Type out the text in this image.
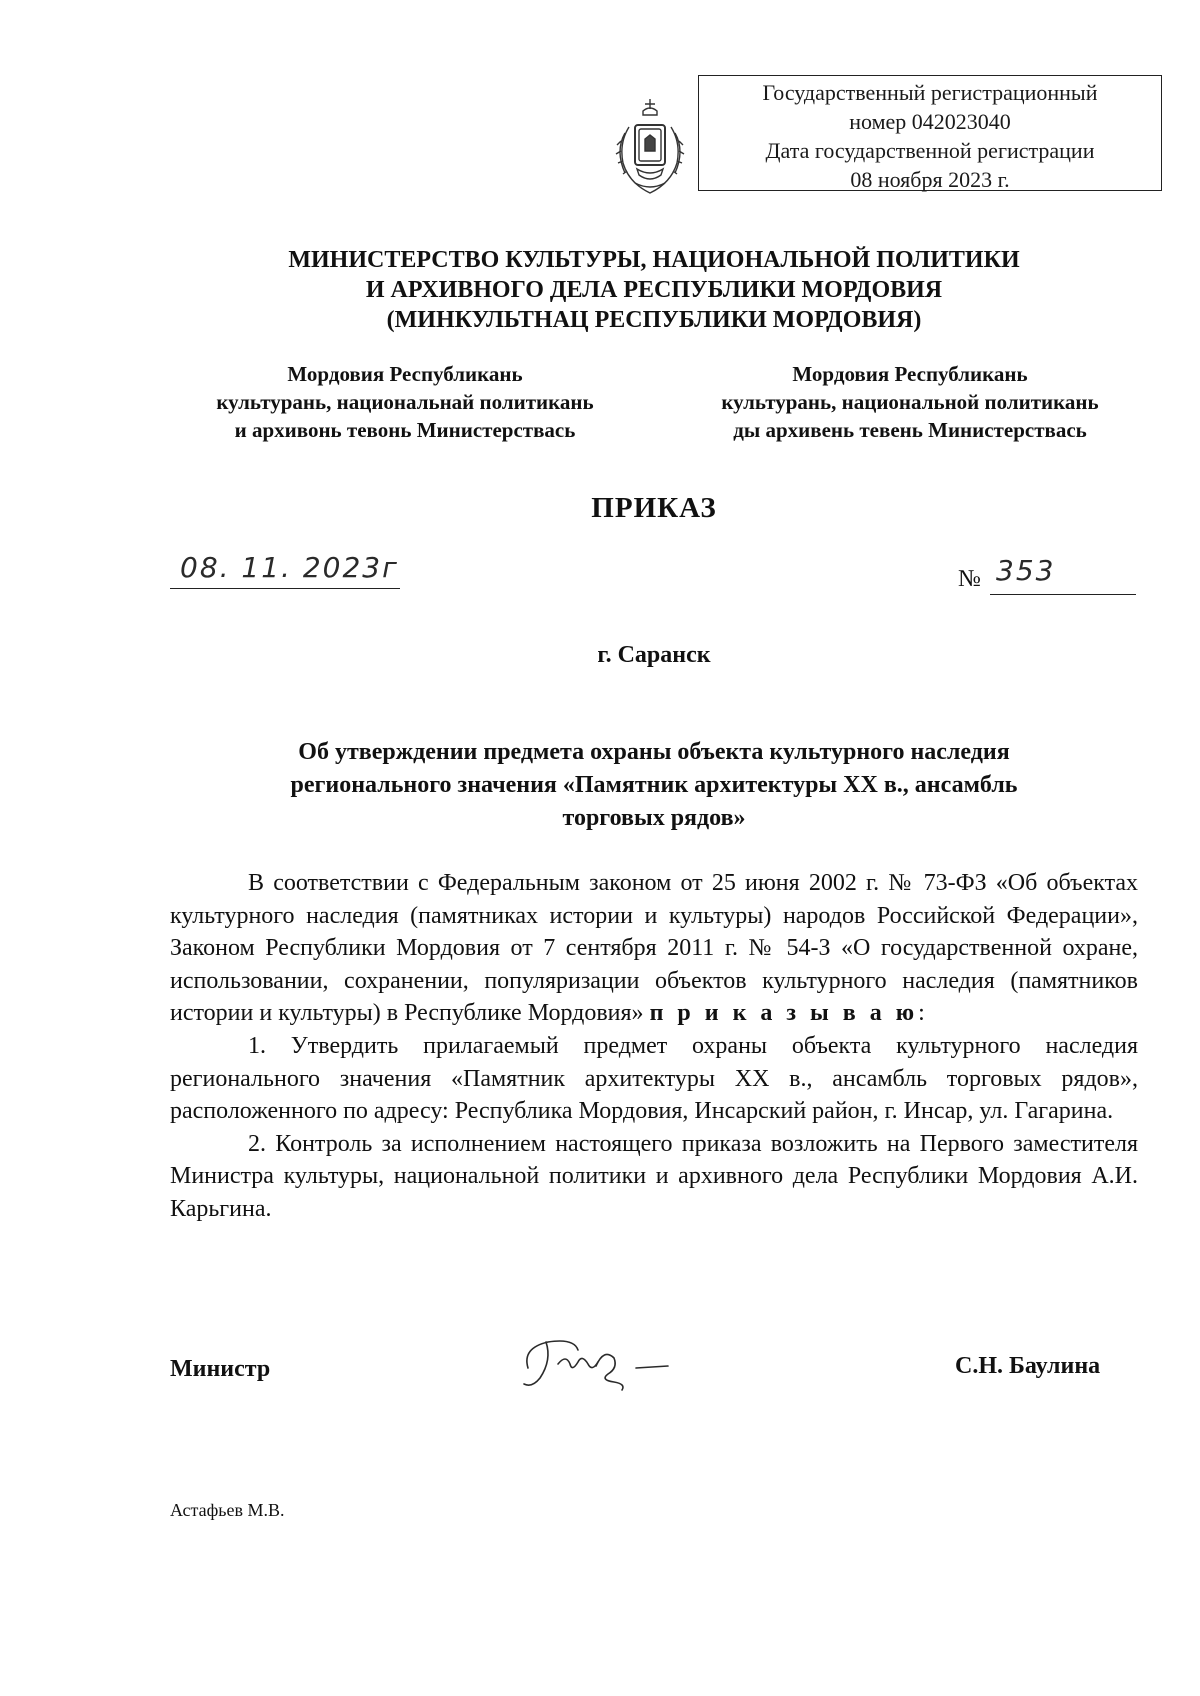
Государственный регистрационный
номер 042023040
Дата государственной регистрации
08 ноября 2023 г.
МИНИСТЕРСТВО КУЛЬТУРЫ, НАЦИОНАЛЬНОЙ ПОЛИТИКИ
И АРХИВНОГО ДЕЛА РЕСПУБЛИКИ МОРДОВИЯ
(МИНКУЛЬТНАЦ РЕСПУБЛИКИ МОРДОВИЯ)
Мордовия Республикань
культурань, национальнай политикань
и архивонь тевонь Министерствась
Мордовия Республикань
культурань, национальной политикань
ды архивень тевень Министерствась
ПРИКАЗ
08. 11. 2023г	№ 353
г. Саранск
Об утверждении предмета охраны объекта культурного наследия
регионального значения «Памятник архитектуры XX в., ансамбль
торговых рядов»

В соответствии с Федеральным законом от 25 июня 2002 г. № 73-ФЗ «Об объектах культурного наследия (памятниках истории и культуры) народов Российской Федерации», Законом Республики Мордовия от 7 сентября 2011 г. № 54-З «О государственной охране, использовании, сохранении, популяризации объектов культурного наследия (памятников истории и культуры) в Республике Мордовия» п р и к а з ы в а ю:

1. Утвердить прилагаемый предмет охраны объекта культурного наследия регионального значения «Памятник архитектуры XX в., ансамбль торговых рядов», расположенного по адресу: Республика Мордовия, Инсарский район, г. Инсар, ул. Гагарина.

2. Контроль за исполнением настоящего приказа возложить на Первого заместителя Министра культуры, национальной политики и архивного дела Республики Мордовия А.И. Карьгина.

Министр	С.Н. Баулина
Астафьев М.В.
